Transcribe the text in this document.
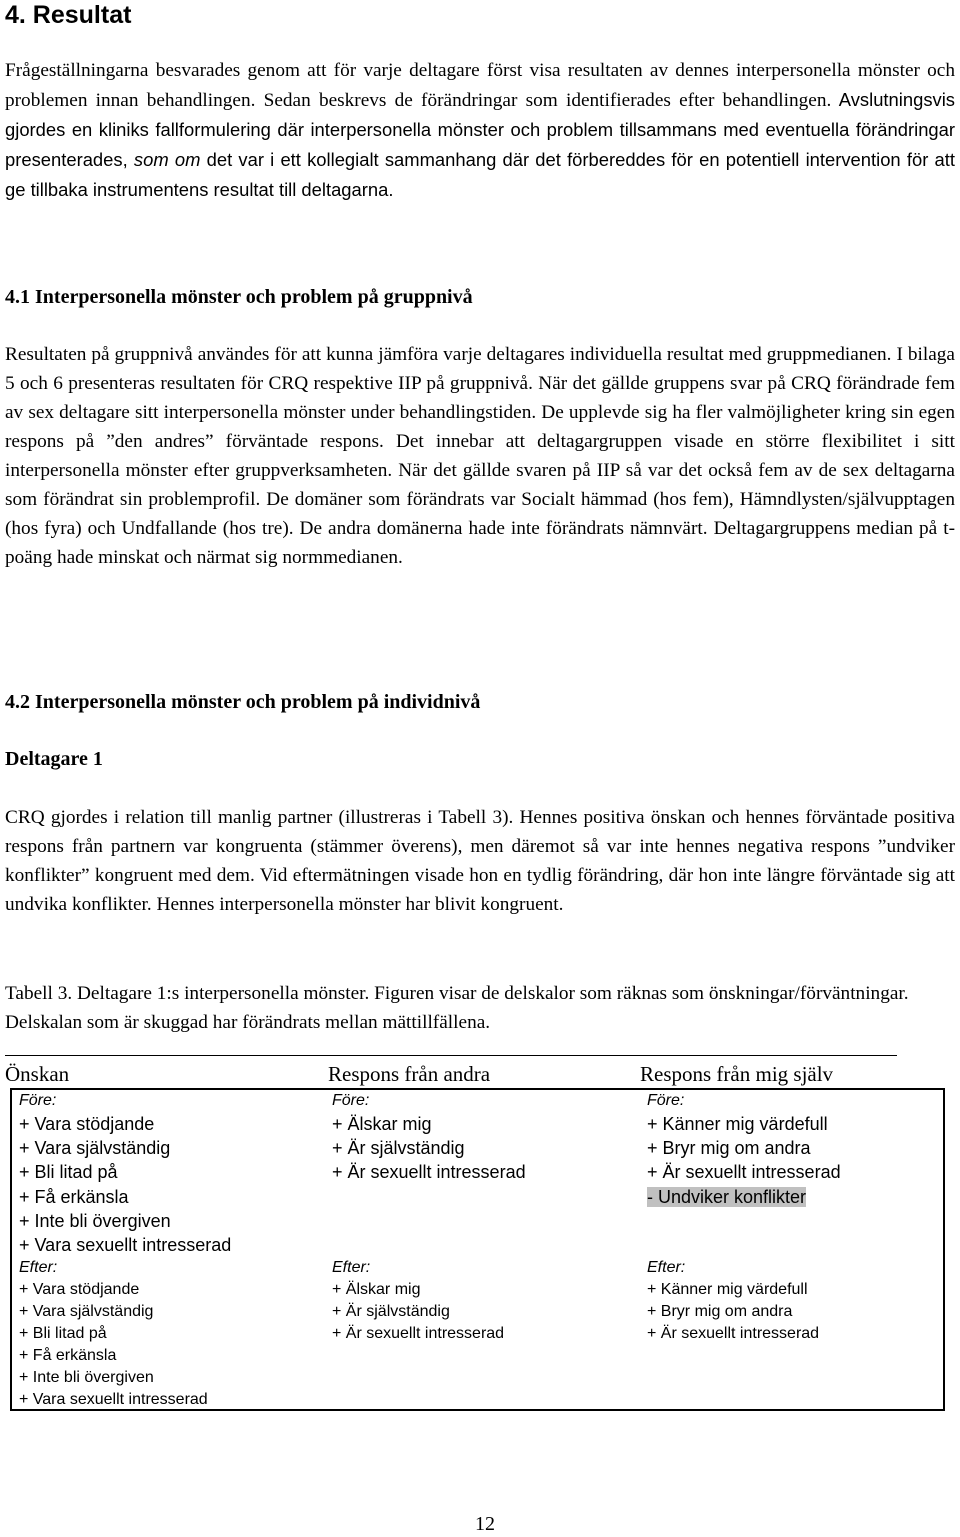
4. Resultat

Frågeställningarna besvarades genom att för varje deltagare först visa resultaten av dennes interpersonella mönster och problemen innan behandlingen. Sedan beskrevs de förändringar som identifierades efter behandlingen. Avslutningsvis gjordes en kliniks fallformulering där interpersonella mönster och problem tillsammans med eventuella förändringar presenterades, som om det var i ett kollegialt sammanhang där det förbereddes för en potentiell intervention för att ge tillbaka instrumentens resultat till deltagarna.

4.1 Interpersonella mönster och problem på gruppnivå

Resultaten på gruppnivå användes för att kunna jämföra varje deltagares individuella resultat med gruppmedianen. I bilaga 5 och 6 presenteras resultaten för CRQ respektive IIP på gruppnivå. När det gällde gruppens svar på CRQ förändrade fem av sex deltagare sitt interpersonella mönster under behandlingstiden. De upplevde sig ha fler valmöjligheter kring sin egen respons på ”den andres” förväntade respons. Det innebar att deltagargruppen visade en större flexibilitet i sitt interpersonella mönster efter gruppverksamheten. När det gällde svaren på IIP så var det också fem av de sex deltagarna som förändrat sin problemprofil. De domäner som förändrats var Socialt hämmad (hos fem), Hämndlysten/självupptagen (hos fyra) och Undfallande (hos tre). De andra domänerna hade inte förändrats nämnvärt. Deltagargruppens median på t-poäng hade minskat och närmat sig normmedianen.

4.2 Interpersonella mönster och problem på individnivå

Deltagare 1

CRQ gjordes i relation till manlig partner (illustreras i Tabell 3). Hennes positiva önskan och hennes förväntade positiva respons från partnern var kongruenta (stämmer överens), men däremot så var inte hennes negativa respons ”undviker konflikter” kongruent med dem. Vid eftermätningen visade hon en tydlig förändring, där hon inte längre förväntade sig att undvika konflikter. Hennes interpersonella mönster har blivit kongruent.

Tabell 3. Deltagare 1:s interpersonella mönster. Figuren visar de delskalor som räknas som önskningar/förväntningar. Delskalan som är skuggad har förändrats mellan mättillfällena.

Önskan	Respons från andra	Respons från mig själv
Före:
+ Vara stödjande
+ Vara självständig
+ Bli litad på
+ Få erkänsla
+ Inte bli övergiven
+ Vara sexuellt intresserad
Efter:
+ Vara stödjande
+ Vara självständig
+ Bli litad på
+ Få erkänsla
+ Inte bli övergiven
+ Vara sexuellt intresserad
Före:
+ Älskar mig
+ Är självständig
+ Är sexuellt intresserad

Efter:
+ Älskar mig
+ Är självständig
+ Är sexuellt intresserad
Före:
+ Känner mig värdefull
+ Bryr mig om andra
+ Är sexuellt intresserad
- Undviker konflikter

Efter:
+ Känner mig värdefull
+ Bryr mig om andra
+ Är sexuellt intresserad
12
